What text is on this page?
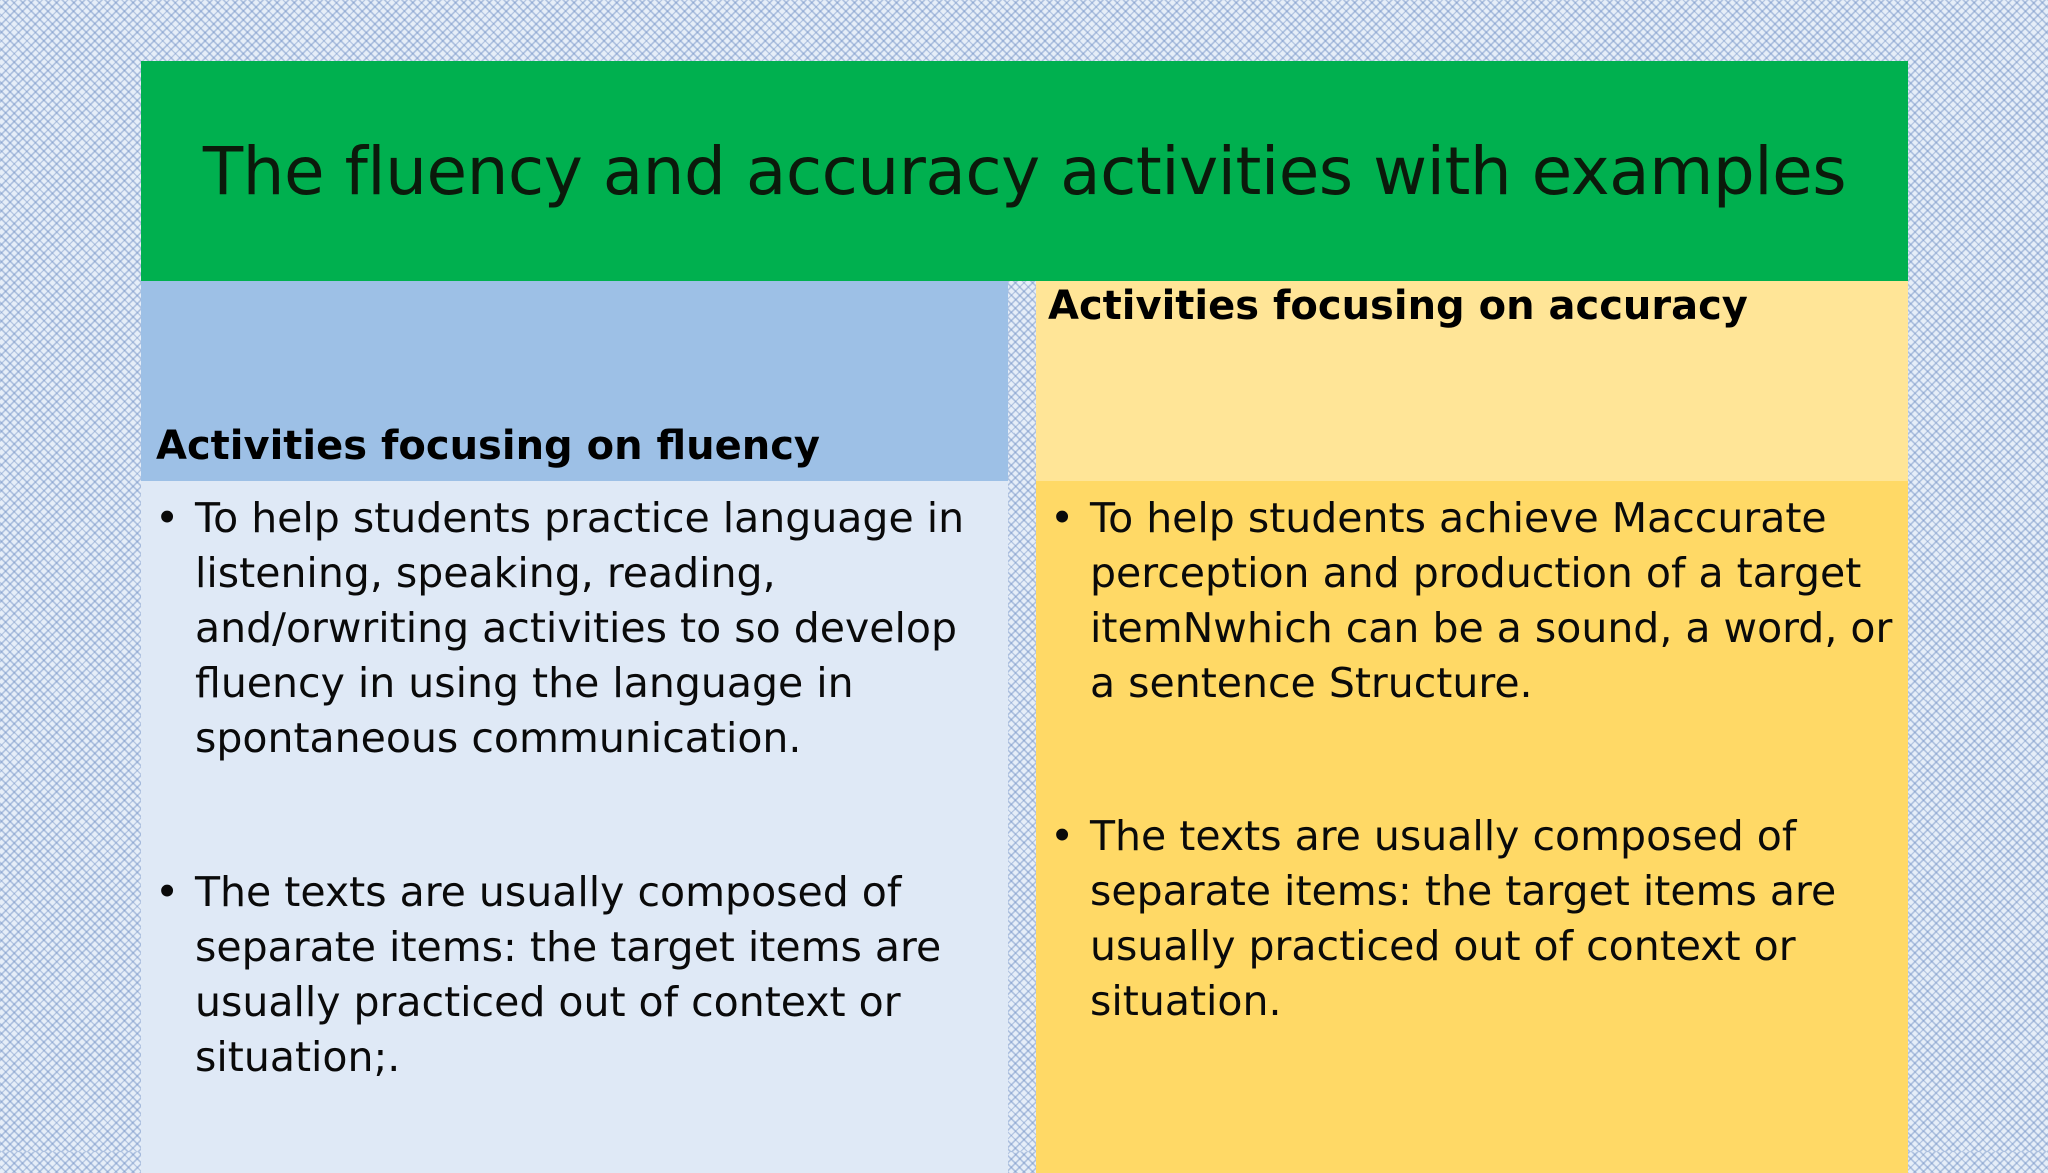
The fluency and accuracy activities with examples
Activities focusing on fluency

• To help students practice language in listening, speaking, reading, and/orwriting activities to so develop fluency in using the language in spontaneous communication.

• The texts are usually composed of separate items: the target items are usually practiced out of context or situation;.

Activities focusing on accuracy

• To help students achieve Maccurate perception and production of a target itemNwhich can be a sound, a word, or a sentence Structure.

• The texts are usually composed of separate items: the target items are usually practiced out of context or situation.
